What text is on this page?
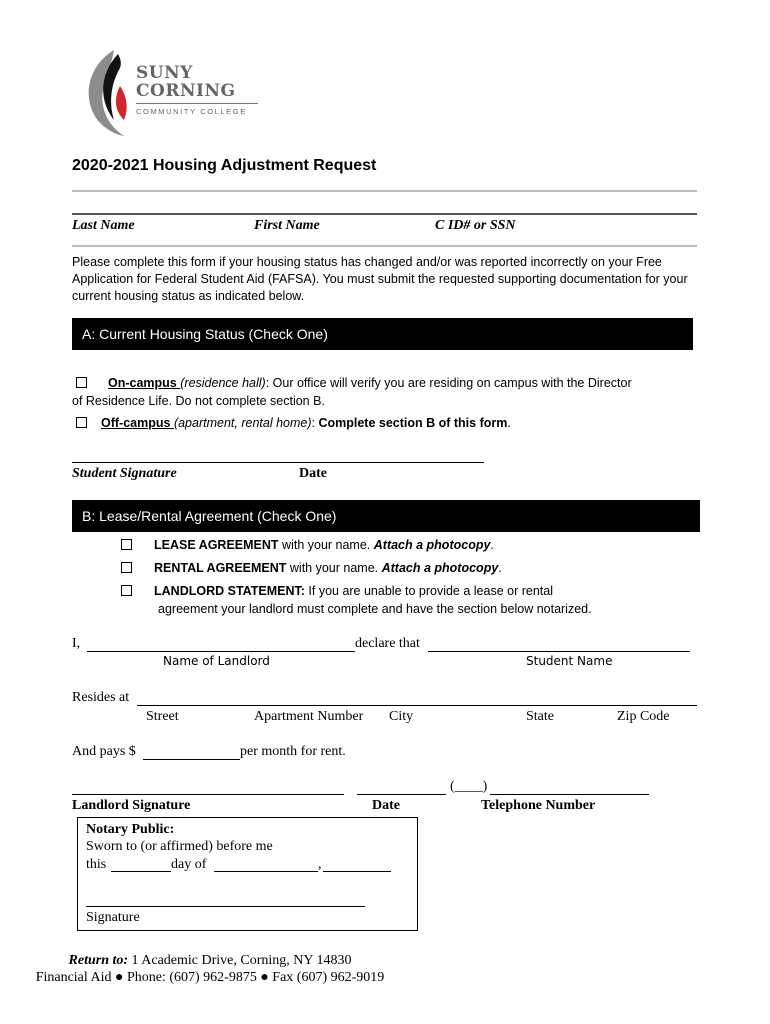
SUNY
CORNING
COMMUNITY COLLEGE
2020-2021 Housing Adjustment Request
Last Name	First Name	C ID# or SSN
Please complete this form if your housing status has changed and/or was reported incorrectly on your Free Application for Federal Student Aid (FAFSA). You must submit the requested supporting documentation for your current housing status as indicated below.
A: Current Housing Status (Check One)
On-campus (residence hall): Our office will verify you are residing on campus with the Director
of Residence Life. Do not complete section B.
Off-campus (apartment, rental home): Complete section B of this form.
Student Signature	Date
B: Lease/Rental Agreement (Check One)
LEASE AGREEMENT with your name. Attach a photocopy.
RENTAL AGREEMENT with your name. Attach a photocopy.
LANDLORD STATEMENT: If you are unable to provide a lease or rental
agreement your landlord must complete and have the section below notarized.
I,	declare that
Name of Landlord	Student Name
Resides at
Street	Apartment Number City	State	Zip Code
And pays $	per month for rent.
(____)
Landlord Signature	Date	Telephone Number
Notary Public:
Sworn to (or affirmed) before me
this	day of	,
Signature
Return to: 1 Academic Drive, Corning, NY 14830
Financial Aid ● Phone: (607) 962-9875 ● Fax (607) 962-9019
